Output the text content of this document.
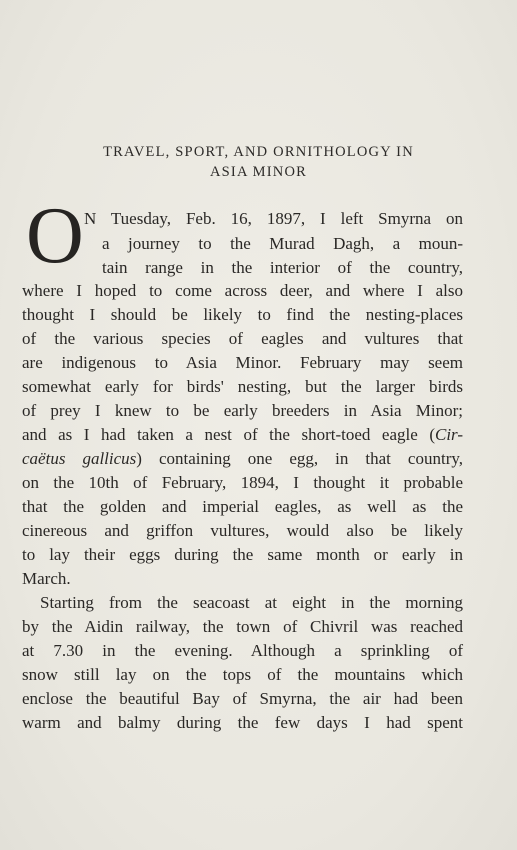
TRAVEL, SPORT, AND ORNITHOLOGY IN
ASIA MINOR
O N Tuesday, Feb. 16, 1897, I left Smyrna on
a journey to the Murad Dagh, a moun-
tain range in the interior of the country,
where I hoped to come across deer, and where I also
thought I should be likely to find the nesting-places
of the various species of eagles and vultures that
are indigenous to Asia Minor. February may seem
somewhat early for birds' nesting, but the larger birds
of prey I knew to be early breeders in Asia Minor;
and as I had taken a nest of the short-toed eagle (Cir-
caëtus gallicus) containing one egg, in that country,
on the 10th of February, 1894, I thought it probable
that the golden and imperial eagles, as well as the
cinereous and griffon vultures, would also be likely
to lay their eggs during the same month or early in
March.
Starting from the seacoast at eight in the morning
by the Aidin railway, the town of Chivril was reached
at 7.30 in the evening. Although a sprinkling of
snow still lay on the tops of the mountains which
enclose the beautiful Bay of Smyrna, the air had been
warm and balmy during the few days I had spent
